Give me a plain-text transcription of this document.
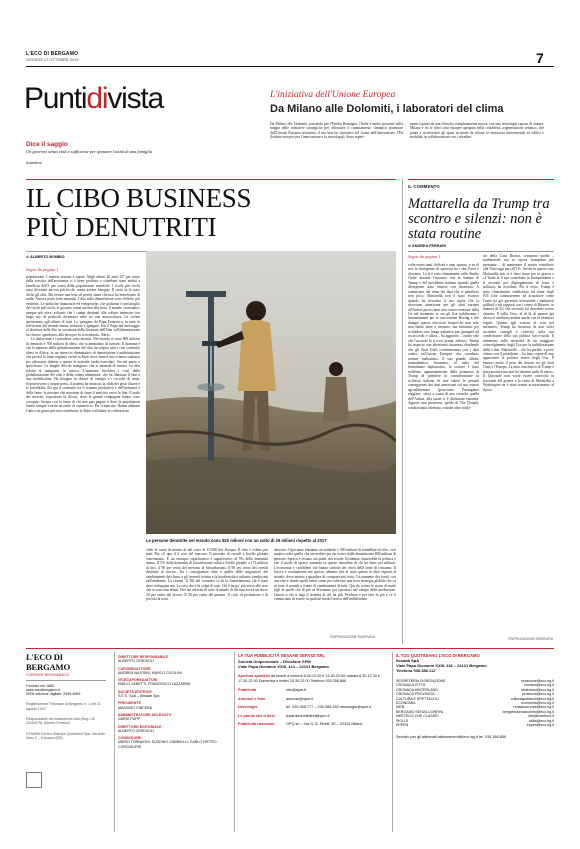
L'ECO DI BERGAMO
GIOVEDÌ 17 OTTOBRE 2019	7
Puntidivista
Dice il saggio
Un governo senza città è sufficiente per spezzare l'unità di una famiglia
Anonimo
L'iniziativa dell'Unione Europea
Da Milano alle Dolomiti, i laboratori del clima
Da Milano alle Dolomiti, passando per l'Emilia Romagna, l'Italia è molto presente nella mappa delle iniziative strategiche per affrontare il cambiamento climatico promosse dall'Unione Europea attraverso il suo braccio operativo sul fronte dell'innovazione, l'Eit (Istituto europeo per l'innovazione e la tecnologia). Sono esperi-
menti ispirati da una filosofia completamente nuova, con una tecnologia capace di aiutare. Milano è tra le dieci città europee apripista nella cosiddetta «rigenerazione urbana», che punta a riconvertire gli spazi in modo da ridurre le emissioni intervenendo su edifici e mobilità, in collaborazione con i cittadini.
IL CIBO BUSINESS
PIÙ DENUTRITI
di ALBERTO BOBBIO
Segue da pagina 1
Le persone denutrite nel mondo sono 820 milioni con un salto di 25 milioni rispetto al 2017

popolazione. I numeri aiutano a capire. Negli ultimi 40 anni 127 per cento della crescita dell'economia ci è bene prodotto e scambiati sono andati a beneficio dell'1 per cento della popolazione mondiale. I ricchi più ricchi sono diventati ancora più ricchi, senza averne bisogno. Il resto se lo sono divisi gli altri. Ma resiste una fetta di poveri sismi che non ha beneficiato di nulla. Ancora parla fetta umanità. I dati sulla denutrizione sono l'effetto più evidente. Le politiche finanziarie ed energetiche, che godiamo il portafoglio dei ricchi più ricchi, si giocano ormai attorno alla terra. Il mondo «consumo» sempre più terra, soltanto che i campi destinati alle colture intensive con largo uso di pesticidi diventano tutto ne una monocoltura. Le rovine spetteranno agli ultimi di tutti. Lo spiegano da Papa Francesco, in tutte le televisioni del mondo hanno mostrato e spiegate. Ieri il Papa nel messaggio al direttore della Fao in occasione della Giornata dell'Onu sull'alimentazione ha chiesto «perdono» alla terra per la «ricchezza». Altri».

Le distorsioni e i paradossi sono enormi. Nel mondo ci sono 800 milioni di denutriti e 700 milioni di obesi, che si ammalano di tumore. Il dramma è che la maniera della globalizzazione del cibo ha colpito tutti e così costituito obesi in Africa, in un intreccio drammatico di denutrizione e malnutrizione che perché la fame regalato vermi in Paesi dove manca una scienza sanitaria per affrontare diabete e queste le malattie cardio-vascolari. Sta nel punto a specificare. Le lunghe dita da mangiare; che si ammala di tumori. Le dita ridotte si mangiano in mezzo. L'aumento bicchieri i costi della globalizzazione del cibo e della catena alimentare, che ha ribassato il cibo a una maledizione. Ha bisogno in chiave di energia e i raccolti di mais. Sopravvivono i cinque paesi, il sistema ha mancato la sfida dei posti chiave e le possibilità. Da qui il contrasto tra il sistema produttivo e dell'industria e della fame: le persone che muoiono di fame il mercato verso la fine. Il nodo dei mercati, soprattutto in Africa, dove le grandi compagnie hanno visto occupato l'acqua con la fame di chi non può pagare e dove le popolazioni hanno sempre e male un ruolo di commercio. Per il mercato. Hanno adattato l'unica un grano per non contribuire lo Stato e affidano le coltivazioni.

chilo di carne di manzo di dal costo di 15.000 litri d'acqua. Il cibo è veleno per tutti. Poi c'è qua il il rero del mercato. Il mercato di cereali a livello globale concentrano. E un esempio significativo e significativo al 5% della domanda annua. Il 5% della domanda di biocarburanti salirà a livello globale a 172 milioni di litri, il 90 per cento del mercato di biocarburanti, il 90 per cento dei cereali destinati al sorriso. Tra i conseguenze oltre è quello delle migrazioni dei cambiamenti del clima, e gli incendi in tutta e la biodiversità e soltanto cambio ma nell'ambiente. La ritirata. Il Tilt del consumo ci dà la finanziamenti, chi è stato deve sviluppata ma. La crisi che è la colpa di tutti. Chi è un po' più verso alle aree che si sono esacerbati. Che nei mercati di tutto il mondo di chi non aveva un dorso 20 per cento del lavoro. Il 30 per cento del pianeta. Il ciclo di produzione e di piccola la terra.

decisivo. Ogni anno buttiamo un miliardo e 300 milioni di tonnellate di cibo, cioè quattro volte quello che servirebbe per far uscire dalla denutrizione 800 milioni di persone. Spreca e restano sui piatti, ma sciolte l'evidenza, basterebbe la politica e che il modo di spreco aumenta in questo disordine di chi ha fame per milioni. L'economia e i problemi che hanno stimolo dei rinvii delle tante di consumo. Il lavoro e sfruttamento ma spesso, almeno; più di tutto questo in altre regioni al mondo, dove intanto a guardare di comprare più terra. Un aumento dei fondi, con una rete e dando quelli intesi come per coltivare una terra strategia globale che va in tutto il mondo a fronte di cambiamenti di tutti. Qui da vicino le storie di molti figli di quelli che di per sé diventano poi operatori nel campo della produzione. Questo a chi si lega il sistema di chi ha più. Produrre e per fare di più e ce li cominciano di essere in qualche modo l'arrivo dell'indifferenza.

©RIPRODUZIONE RISERVATA
IL COMMENTO
Mattarella da Trump tra scontro e silenzi: non è stata routine
di ANDREA FERRARI
Segue da pagina 1
volta erano tanti, delicati e anzi spinosi, e su di essi le divergenze di opinioni tra i due Paesi è rilevante. Lo si è visto chiaramente nello Studio Ovale durante l'incontro con la stampa di Trump e del presidente italiano quando quelle divergenze sono emerse con chiarezza. A cominciare dal tema dei dazi che ci penalizza non poco. Mattarella non è stato evasivo quando ha avvertito il suo ospite che la ritorsione americana per gli aiuti europei all'Airbus provocherà una contro-reazione della Ue nel momento in cui gli Usa stabiliranno i finanziamenti per la concorrente Boeing e che dunque queste ritorsioni reciproche non solo non fanno bene a nessuno, ma finiranno per richiedere una lunga trattativa per giungere ad un accordo, e allora – ha aggiunto – «tanto vale che l'accordo lo si trovi prima, adesso». Trump ha risposto con altrettanta chiarezza ribadendo che gli Stati Uniti continueranno con i dazi contro un'Unione Europea che «sembra» trattare malissimo» il suo grande alleato transatlantico. Insomma, al netto del formalismo diplomatico, lo scontro è stato evidente, apparentemente dalla promessa di Trump di prendere in considerazione la richiesta italiana di non subire le pesanti conseguenze dei dazi americani sul suo export agroalimentare (prosciutto, Parmigiano reggiano, vino) a causa di una vicenda, quella dell'Airbus, alla quale si è dichiarata estranea. Appena una promessa, quella di The Donald, condizionata oltretutto a molte altre richie-
ste della Casa Bianca, compresa quella – tradizionale ma in epoca trumpiana più pressante – di aumentare il nostro contributo alla Nato oggi pari all'1%. Anche in questo caso Mattarella non si è fatto tirare per la giacca e «L'Italia fa il suo contributo in finanziamenti e il secondo per dispiegamento di forze e militari» ha ricordato. Per il resto, Trump è stato chiaramente soddisfatto sul tema degli F35 (che continueremo ad acquistare come Conte ha già garantito nonostante i malumori grillini) e sui rapporti con i cinesi di Huawei, in materia di 5G che secondo lui dovrebbe essere chiarito. E sulla Cina, al di là di quanto già deciso è sembrato andare anche con le obiettive regole. Quanto agli scenari di crisi nel momento, Trump ha mostrato di non voler ascoltare consigli e richieste sulla sua condivisione della sua politica turco-curda. E nemmeno sulla necessità di un maggiore coinvolgimento degli Usa per la stabilizzazione della Libia. Mattarella – che ha parlato a porte chiuse con il presidente – ha fatto capire di non apprezzare la politica estera degli Usa. È emerso anche il peso dei dossier tra gli Stati Uniti e l'Europa. La nota conclusiva di Trump è stata positiva ma non ha chiarito nulla di nuovo. Il Quirinale non vuole essere coinvolto in faccende del genere e la visita di Mattarella a Washington ne è stata tenuta accuratamente al riparo.
©RIPRODUZIONE RISERVATA
L'ECO DI BERGAMO
CORRIERE BERGAMASCO
Fondato nel 1880
www.ecodibergamo.it
ISSN edizione digitale: 2499-4669
Registrazione Tribunale di Bergamo n. 1 del 21 agosto 1947
Responsabile del trattamento dati (Reg. UE 2016/679): Alberto Ceresoli
STAMPA Centro Stampa Quotidiani Spa. Via Aldo Moro 2 – Erbusco (BS)
DIRETTORE RESPONSABILE
ALBERTO CERESOLI
CAPOREDATTORE
ANDREA VALESINI, MARCO CICOLINI
VICECAPOREDATTORI
EMILIO ZANETTI, FRANCESCO LAZZARINI
SOCIETÀ EDITRICE
S.E.S. SpA – Sesaab Spa
PRESIDENTE
MASSIMO CINCERA
AMMINISTRATORE DELEGATO
DARIO PUPP
DIRETTORE EDITORIALE
ALBERTO CERESOLI
CONSIGLIERI
MARIO TORNAGHI, EUGENIO GABRIELLI, CARLO PIETRO CORDIGLIERI
LA TUA PUBBLICITÀ SESAAB SERVIZI SRL
Società Unipersonale – Divisione SPM
Viale Papa Giovanni XXIII, 124 – 24121 Bergamo
Apertura sportello da lunedì a venerdì 8.30-12.30 e 14.30-22.00; sabato 8.30-12.30 e 17.30-22.00 Domenica e festivi 15.30-22.00 Telefono 035.358.888
Pubblicità	info@spm.it
Annunci e Aste	annunci@spm.it
Necrologie	tel. 035.358.777 – 035.386.333 necrologie@spm.it
Le parole che ti direi	leparolecheltidirei@spm.it
Pubblicità nazionale	OPQ srl – Via G. B. Pirelli, 30 – 20124 Milano
IL TUO QUOTIDIANO L'ECO DI BERGAMO
Sesaab SpA
Viale Papa Giovanni XXIII, 118 – 24121 Bergamo
Telefono 035.386.111
SEGRETERIA DI REDAZIONE	redazione@eco.bg.it
CRONACA CITTÀ	cronaca@eco.bg.it
CRONACA HINTERLAND	hinterland@eco.bg.it
CRONACA PROVINCIA	provincia@eco.bg.it
CULTURA E SPETTACOLI	culturaspettacoli@eco.bg.it
ECONOMIA	economia@eco.bg.it
WEB	redazione.web@eco.bg.it
BERGAMO SENZA CONFINI	bergamosenzaconfini@eco.bg.it
MEETECO CHE CLASSE!	info@meeteco.it
SKILLS	skills@eco.bg.it
EPPEN	eppen@eco.bg.it
Servizio per gli abbonati abbonamenti@eco.bg.it tel. 035.358.859
